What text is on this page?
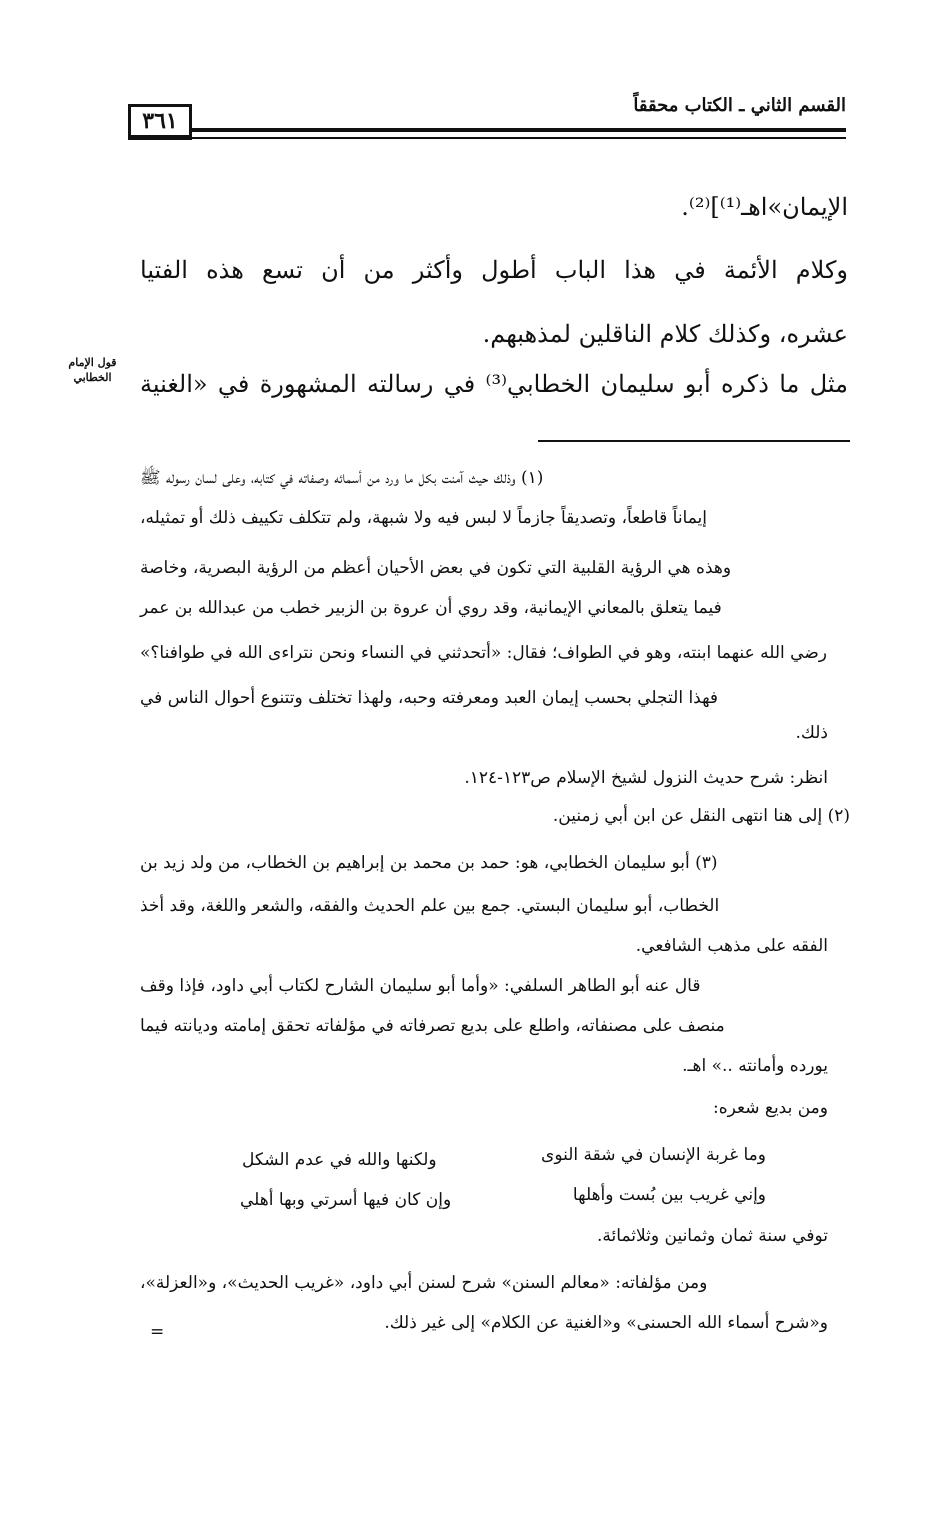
القسم الثاني ـ الكتاب محققاً
٣٦١
الإيمان»اهـ⁽¹⁾]⁽²⁾.
وكلام الأئمة في هذا الباب أطول وأكثر من أن تسع هذه الفتيا
عشره، وكذلك كلام الناقلين لمذهبهم.
مثل ما ذكره أبو سليمان الخطابي⁽³⁾ في رسالته المشهورة في «الغنية
قول الإمام الخطابي
(١) وذلك حيث آمنت بكل ما ورد من أسمائه وصفاته في كتابه، وعلى لسان رسوله ﷺ
إيماناً قاطعاً، وتصديقاً جازماً لا لبس فيه ولا شبهة، ولم تتكلف تكييف ذلك أو تمثيله،
وهذه هي الرؤية القلبية التي تكون في بعض الأحيان أعظم من الرؤية البصرية، وخاصة
فيما يتعلق بالمعاني الإيمانية، وقد روي أن عروة بن الزبير خطب من عبدالله بن عمر
رضي الله عنهما ابنته، وهو في الطواف؛ فقال: «أتحدثني في النساء ونحن نتراءى الله في طوافنا؟»
فهذا التجلي بحسب إيمان العبد ومعرفته وحبه، ولهذا تختلف وتتنوع أحوال الناس في
ذلك.
انظر: شرح حديث النزول لشيخ الإسلام ص١٢٣-١٢٤.
(٢) إلى هنا انتهى النقل عن ابن أبي زمنين.
(٣) أبو سليمان الخطابي، هو: حمد بن محمد بن إبراهيم بن الخطاب، من ولد زيد بن
الخطاب، أبو سليمان البستي. جمع بين علم الحديث والفقه، والشعر واللغة، وقد أخذ
الفقه على مذهب الشافعي.
قال عنه أبو الطاهر السلفي: «وأما أبو سليمان الشارح لكتاب أبي داود، فإذا وقف
منصف على مصنفاته، واطلع على بديع تصرفاته في مؤلفاته تحقق إمامته وديانته فيما
يورده وأمانته ..» اهـ.
ومن بديع شعره:
وما غربة الإنسان في شقة النوى
ولكنها والله في عدم الشكل
وإني غريب بين بُست وأهلها
وإن كان فيها أسرتي وبها أهلي
توفي سنة ثمان وثمانين وثلاثمائة.
ومن مؤلفاته: «معالم السنن» شرح لسنن أبي داود، «غريب الحديث»، و«العزلة»،
و«شرح أسماء الله الحسنى» و«الغنية عن الكلام» إلى غير ذلك.
=
